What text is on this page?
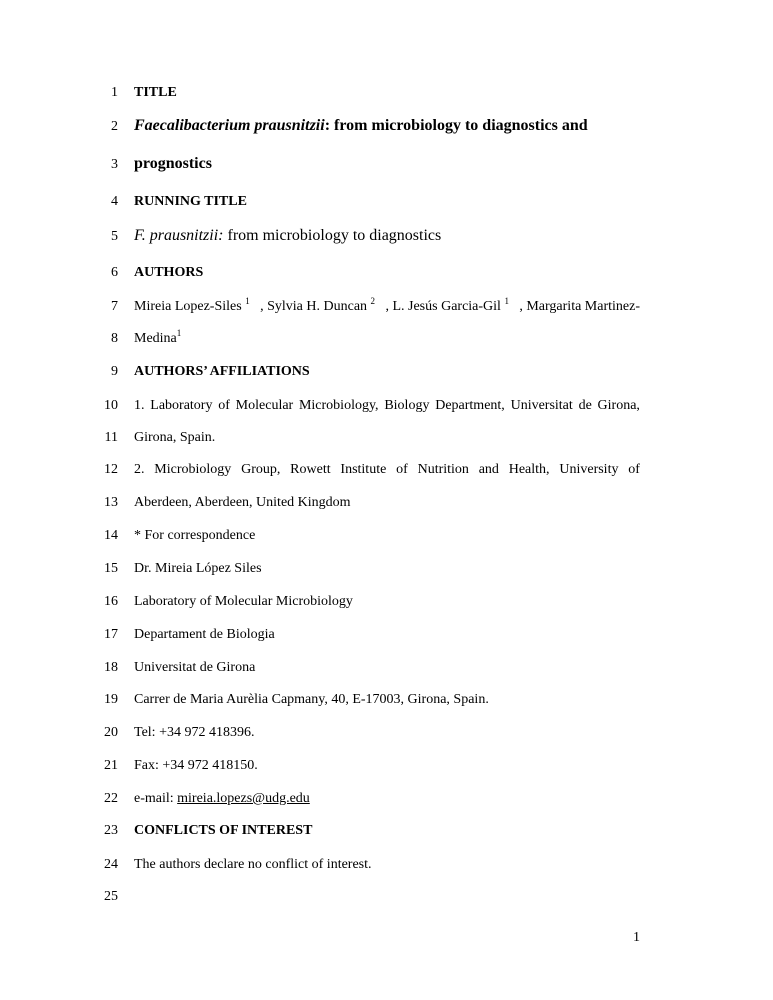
1 TITLE
2 Faecalibacterium prausnitzii: from microbiology to diagnostics and
3 prognostics
4 RUNNING TITLE
5 F. prausnitzii: from microbiology to diagnostics
6 AUTHORS
7 Mireia Lopez-Siles $^1$ , Sylvia H. Duncan $^2$ , L. Jesús Garcia-Gil $^1$ , Margarita Martinez-
8 Medina$^1$
9 AUTHORS’ AFFILIATIONS
10 1. Laboratory of Molecular Microbiology, Biology Department, Universitat de Girona,
11 Girona, Spain.
12 2. Microbiology Group, Rowett Institute of Nutrition and Health, University of
13 Aberdeen, Aberdeen, United Kingdom
14 * For correspondence
15 Dr. Mireia López Siles
16 Laboratory of Molecular Microbiology
17 Departament de Biologia
18 Universitat de Girona
19 Carrer de Maria Aurèlia Capmany, 40, E-17003, Girona, Spain.
20 Tel: +34 972 418396.
21 Fax: +34 972 418150.
22 e-mail: mireia.lopezs@udg.edu
23 CONFLICTS OF INTEREST
24 The authors declare no conflict of interest.
25
1
